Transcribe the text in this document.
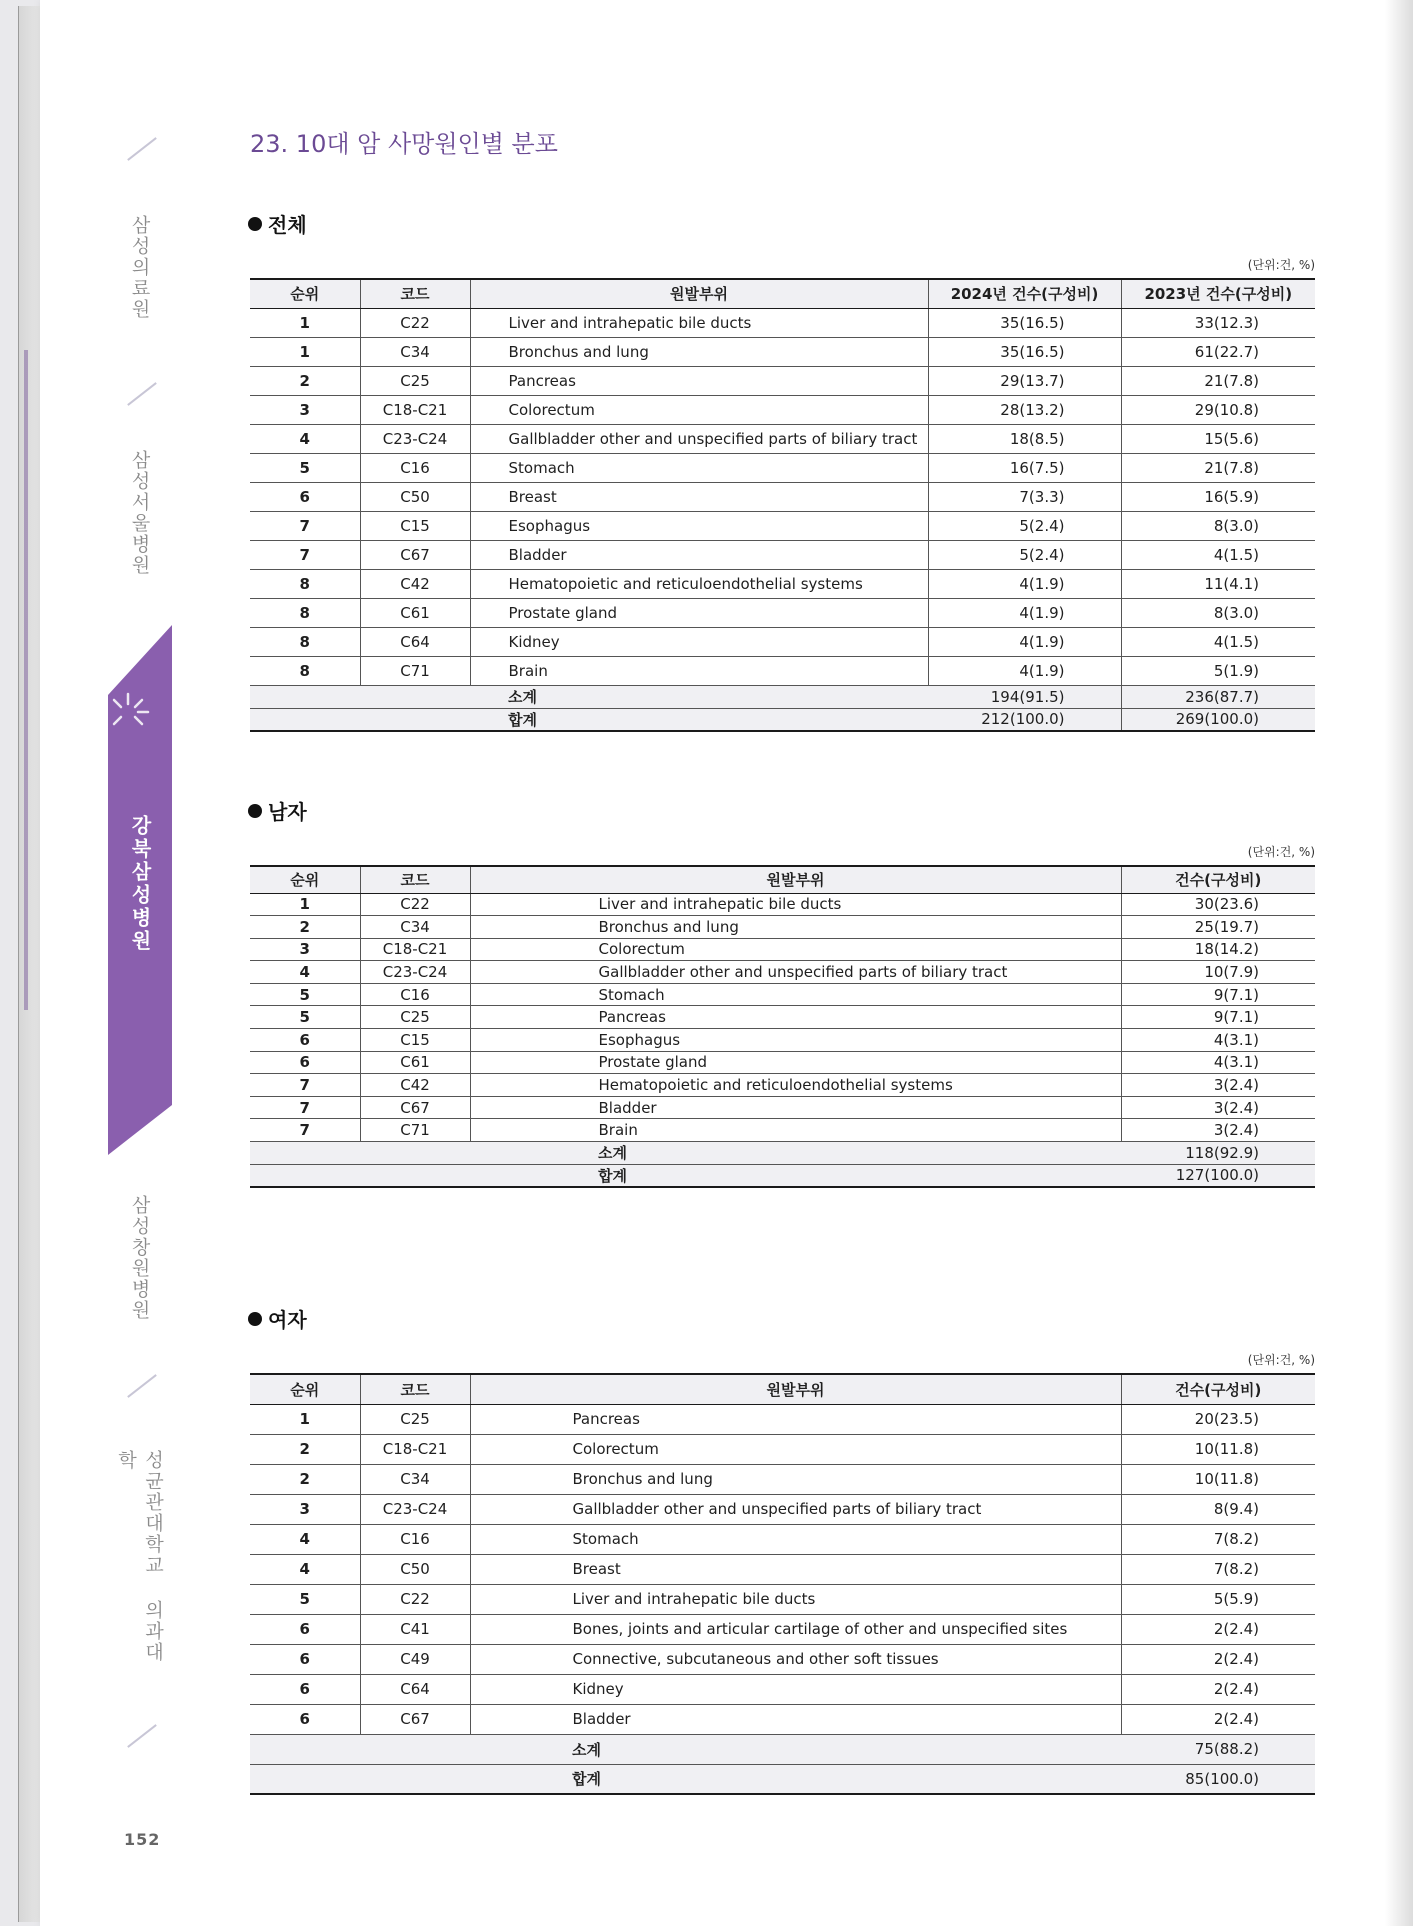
삼성의료원
삼성서울병원
강북삼성병원
삼성창원병원
성균관대학교 의과대학
152
23. 10대 암 사망원인별 분포
전체
(단위:건, %)
순위	코드	원발부위	2024년 건수(구성비)	2023년 건수(구성비)
1	C22	Liver and intrahepatic bile ducts	35(16.5)	33(12.3)
1	C34	Bronchus and lung	35(16.5)	61(22.7)
2	C25	Pancreas	29(13.7)	21(7.8)
3	C18-C21	Colorectum	28(13.2)	29(10.8)
4	C23-C24	Gallbladder other and unspecified parts of biliary tract	18(8.5)	15(5.6)
5	C16	Stomach	16(7.5)	21(7.8)
6	C50	Breast	7(3.3)	16(5.9)
7	C15	Esophagus	5(2.4)	8(3.0)
7	C67	Bladder	5(2.4)	4(1.5)
8	C42	Hematopoietic and reticuloendothelial systems	4(1.9)	11(4.1)
8	C61	Prostate gland	4(1.9)	8(3.0)
8	C64	Kidney	4(1.9)	4(1.5)
8	C71	Brain	4(1.9)	5(1.9)
		소계	194(91.5)	236(87.7)
		합계	212(100.0)	269(100.0)
남자
(단위:건, %)
순위	코드	원발부위	건수(구성비)
1	C22	Liver and intrahepatic bile ducts	30(23.6)
2	C34	Bronchus and lung	25(19.7)
3	C18-C21	Colorectum	18(14.2)
4	C23-C24	Gallbladder other and unspecified parts of biliary tract	10(7.9)
5	C16	Stomach	9(7.1)
5	C25	Pancreas	9(7.1)
6	C15	Esophagus	4(3.1)
6	C61	Prostate gland	4(3.1)
7	C42	Hematopoietic and reticuloendothelial systems	3(2.4)
7	C67	Bladder	3(2.4)
7	C71	Brain	3(2.4)
		소계	118(92.9)
		합계	127(100.0)
여자
(단위:건, %)
순위	코드	원발부위	건수(구성비)
1	C25	Pancreas	20(23.5)
2	C18-C21	Colorectum	10(11.8)
2	C34	Bronchus and lung	10(11.8)
3	C23-C24	Gallbladder other and unspecified parts of biliary tract	8(9.4)
4	C16	Stomach	7(8.2)
4	C50	Breast	7(8.2)
5	C22	Liver and intrahepatic bile ducts	5(5.9)
6	C41	Bones, joints and articular cartilage of other and unspecified sites	2(2.4)
6	C49	Connective, subcutaneous and other soft tissues	2(2.4)
6	C64	Kidney	2(2.4)
6	C67	Bladder	2(2.4)
		소계	75(88.2)
		합계	85(100.0)
